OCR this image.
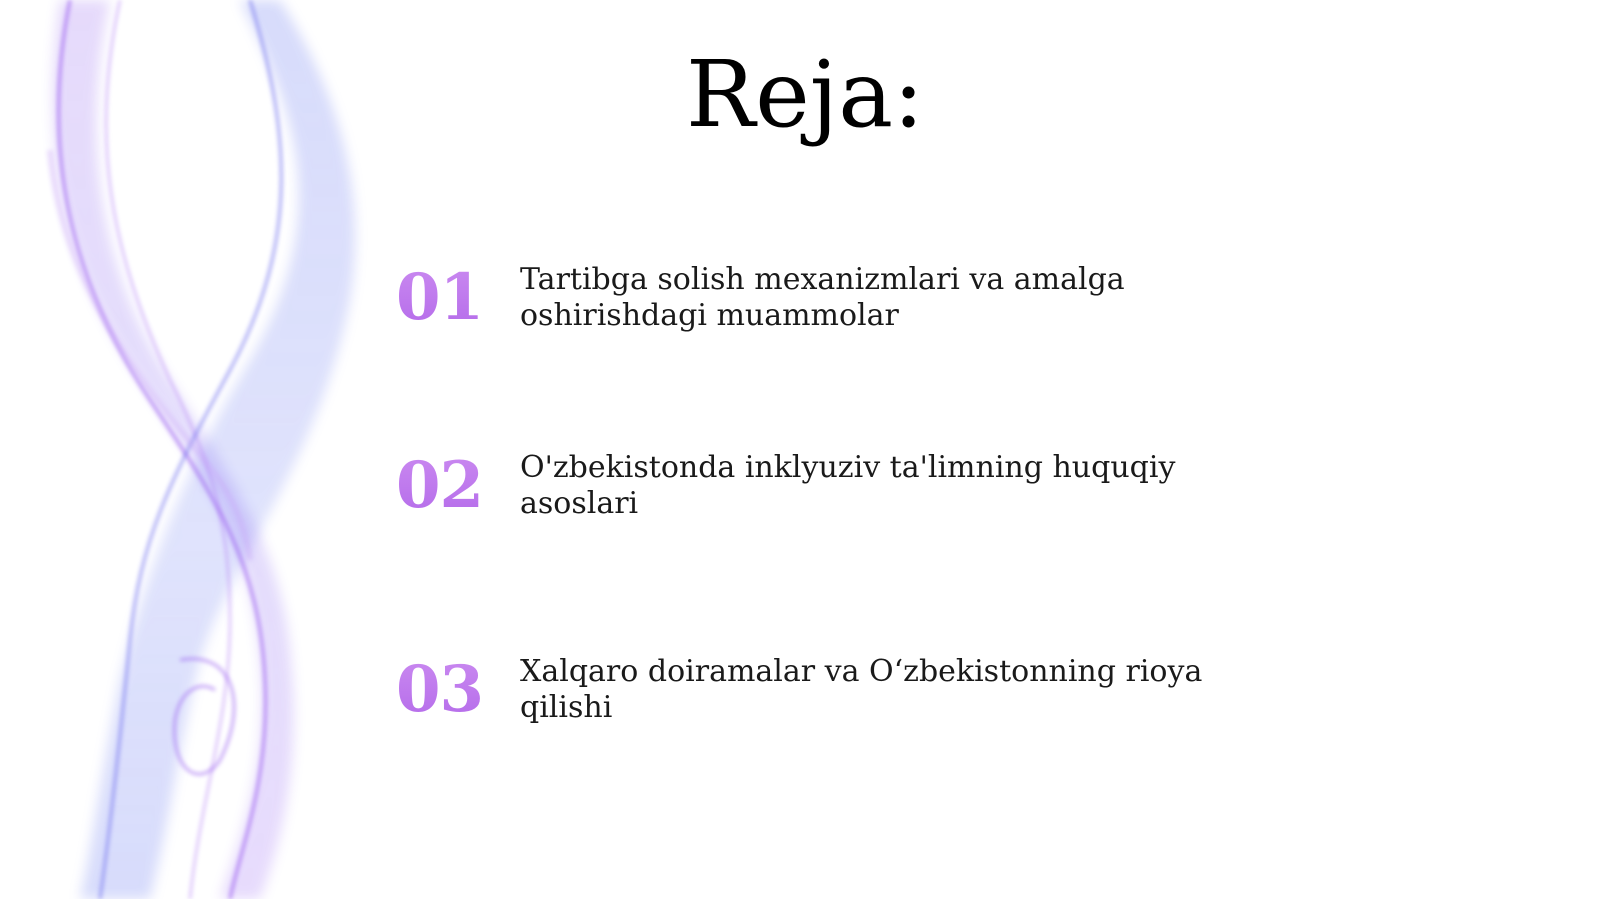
Reja:
01	Tartibga solish mexanizmlari va amalga oshirishdagi muammolar
02	O'zbekistonda inklyuziv ta'limning huquqiy asoslari
03	Xalqaro doiramalar va O‘zbekistonning rioya qilishi
